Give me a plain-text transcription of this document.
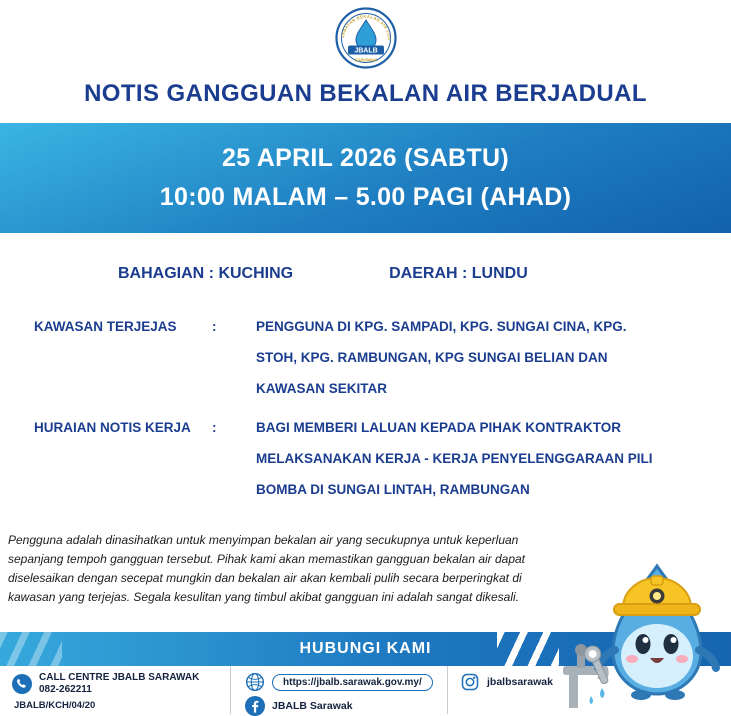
JABATAN BEKALAN AIR LUA
JBALB
SARAWAK
NOTIS GANGGUAN BEKALAN AIR BERJADUAL
25 APRIL 2026 (SABTU)
10:00 MALAM – 5.00 PAGI (AHAD)
BAHAGIAN : KUCHING	DAERAH : LUNDU
KAWASAN TERJEJAS	:	PENGGUNA DI KPG. SAMPADI, KPG. SUNGAI CINA, KPG.
STOH, KPG. RAMBUNGAN, KPG SUNGAI BELIAN DAN
KAWASAN SEKITAR
HURAIAN NOTIS KERJA	:	BAGI MEMBERI LALUAN KEPADA PIHAK KONTRAKTOR
MELAKSANAKAN KERJA - KERJA PENYELENGGARAAN PILI
BOMBA DI SUNGAI LINTAH, RAMBUNGAN

Pengguna adalah dinasihatkan untuk menyimpan bekalan air yang secukupnya untuk keperluan sepanjang tempoh gangguan tersebut. Pihak kami akan memastikan gangguan bekalan air dapat diselesaikan dengan secepat mungkin dan bekalan air akan kembali pulih secara berperingkat di kawasan yang terjejas. Segala kesulitan yang timbul akibat gangguan ini adalah sangat dikesali.

HUBUNGI KAMI
CALL CENTRE JBALB SARAWAK
082-262211
JBALB/KCH/04/20
https://jbalb.sarawak.gov.my/
JBALB Sarawak
jbalbsarawak
